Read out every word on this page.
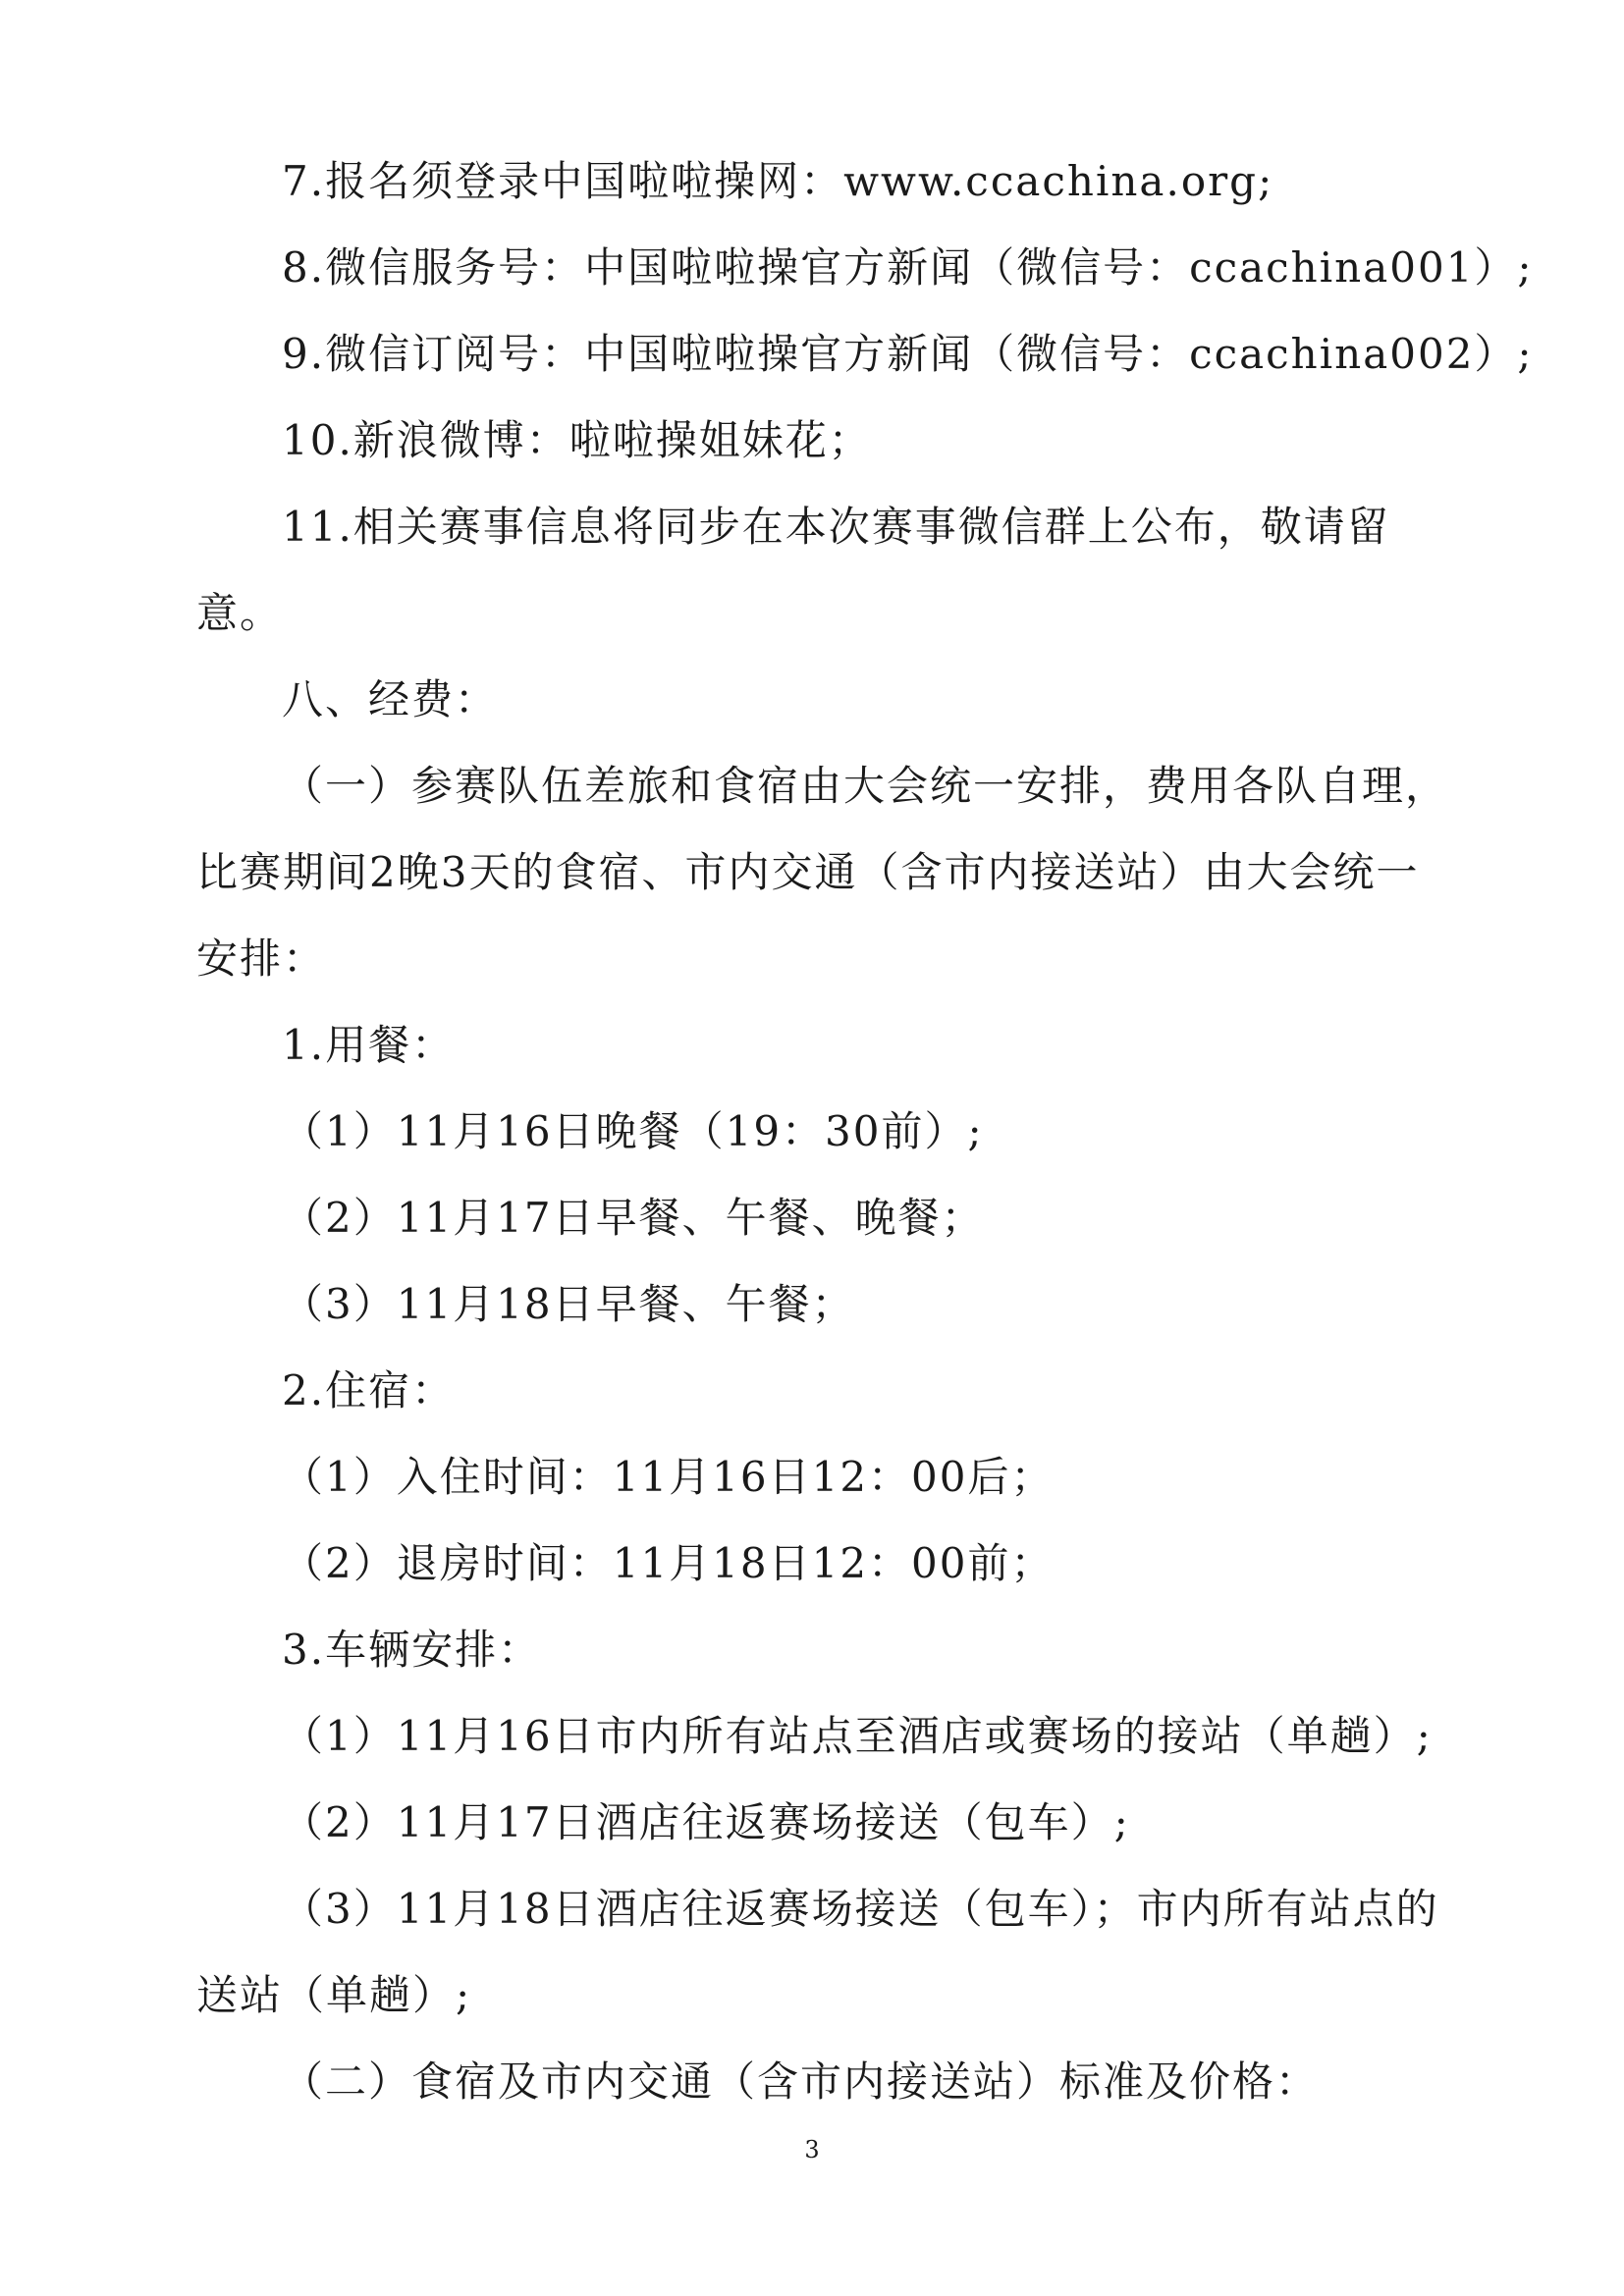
7.报名须登录中国啦啦操网：www.ccachina.org;
8.微信服务号：中国啦啦操官方新闻（微信号：ccachina001）;
9.微信订阅号：中国啦啦操官方新闻（微信号：ccachina002）;
10.新浪微博：啦啦操姐妹花；
11.相关赛事信息将同步在本次赛事微信群上公布，敬请留
意。
八、经费：
（一）参赛队伍差旅和食宿由大会统一安排，费用各队自理，
比赛期间2晚3天的食宿、市内交通（含市内接送站）由大会统一
安排：
1.用餐：
（1）11月16日晚餐（19：30前）;
（2）11月17日早餐、午餐、晚餐；
（3）11月18日早餐、午餐；
2.住宿：
（1）入住时间：11月16日12：00后；
（2）退房时间：11月18日12：00前；
3.车辆安排：
（1）11月16日市内所有站点至酒店或赛场的接站（单趟）;
（2）11月17日酒店往返赛场接送（包车）;
（3）11月18日酒店往返赛场接送（包车）；市内所有站点的
送站（单趟）;
（二）食宿及市内交通（含市内接送站）标准及价格：
3
